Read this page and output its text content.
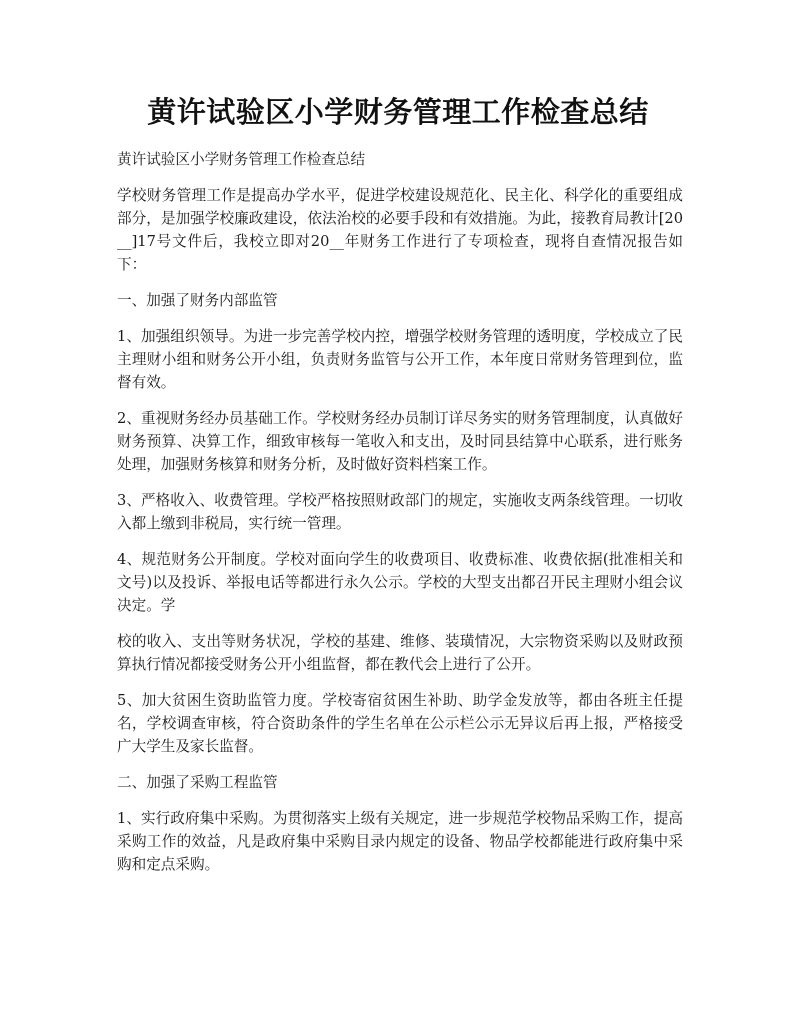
黄许试验区小学财务管理工作检查总结

黄许试验区小学财务管理工作检查总结

学校财务管理工作是提高办学水平，促进学校建设规范化、民主化、科学化的重要组成部分，是加强学校廉政建设，依法治校的必要手段和有效措施。为此，接教育局教计[20__]17号文件后，我校立即对20__年财务工作进行了专项检查，现将自查情况报告如下：

一、加强了财务内部监管

1、加强组织领导。为进一步完善学校内控，增强学校财务管理的透明度，学校成立了民主理财小组和财务公开小组，负责财务监管与公开工作，本年度日常财务管理到位，监督有效。

2、重视财务经办员基础工作。学校财务经办员制订详尽务实的财务管理制度，认真做好财务预算、决算工作，细致审核每一笔收入和支出，及时同县结算中心联系，进行账务处理，加强财务核算和财务分析，及时做好资料档案工作。

3、严格收入、收费管理。学校严格按照财政部门的规定，实施收支两条线管理。一切收入都上缴到非税局，实行统一管理。

4、规范财务公开制度。学校对面向学生的收费项目、收费标准、收费依据(批准相关和文号)以及投诉、举报电话等都进行永久公示。学校的大型支出都召开民主理财小组会议决定。学

校的收入、支出等财务状况，学校的基建、维修、装璜情况，大宗物资采购以及财政预算执行情况都接受财务公开小组监督，都在教代会上进行了公开。

5、加大贫困生资助监管力度。学校寄宿贫困生补助、助学金发放等，都由各班主任提名，学校调查审核，符合资助条件的学生名单在公示栏公示无异议后再上报，严格接受广大学生及家长监督。

二、加强了采购工程监管

1、实行政府集中采购。为贯彻落实上级有关规定，进一步规范学校物品采购工作，提高采购工作的效益，凡是政府集中采购目录内规定的设备、物品学校都能进行政府集中采购和定点采购。
